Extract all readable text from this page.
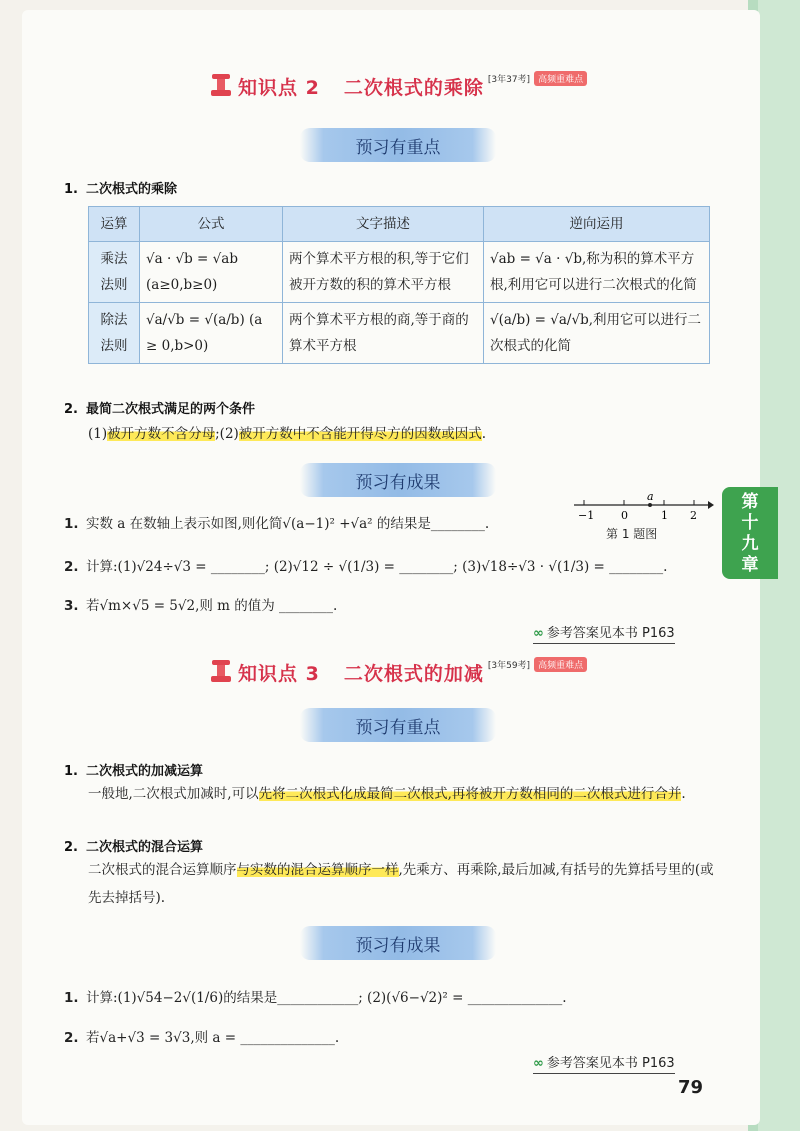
第
十
九
章
知识点 2 二次根式的乘除 [3年37考] 高频重难点
预习有重点
1. 二次根式的乘除
运算	公式	文字描述	逆向运用
乘法法则	√a · √b = √ab (a≥0,b≥0)	两个算术平方根的积,等于它们被开方数的积的算术平方根	√ab = √a · √b,称为积的算术平方根,利用它可以进行二次根式的化简
除法法则	√a/√b = √(a/b) (a ≥ 0,b>0)	两个算术平方根的商,等于商的算术平方根	√(a/b) = √a/√b,利用它可以进行二次根式的化简
2. 最简二次根式满足的两个条件
(1)被开方数不含分母;(2)被开方数中不含能开得尽方的因数或因式.
预习有成果
−1 0
a
1 2
第 1 题图
1. 实数 a 在数轴上表示如图,则化简√(a−1)² +√a² 的结果是________.
2. 计算:(1)√24÷√3 = ________; (2)√12 ÷ √(1/3) = ________; (3)√18÷√3 · √(1/3) = ________.
3. 若√m×√5 = 5√2,则 m 的值为 ________.
∞ 参考答案见本书 P163
知识点 3 二次根式的加减 [3年59考] 高频重难点
预习有重点
1. 二次根式的加减运算
一般地,二次根式加减时,可以先将二次根式化成最简二次根式,再将被开方数相同的二次根式进行合并.
2. 二次根式的混合运算
二次根式的混合运算顺序与实数的混合运算顺序一样,先乘方、再乘除,最后加减,有括号的先算括号里的(或先去掉括号).
预习有成果
1. 计算:(1)√54−2√(1/6)的结果是____________; (2)(√6−√2)² = ______________.
2. 若√a+√3 = 3√3,则 a = ______________.
∞ 参考答案见本书 P163
79
